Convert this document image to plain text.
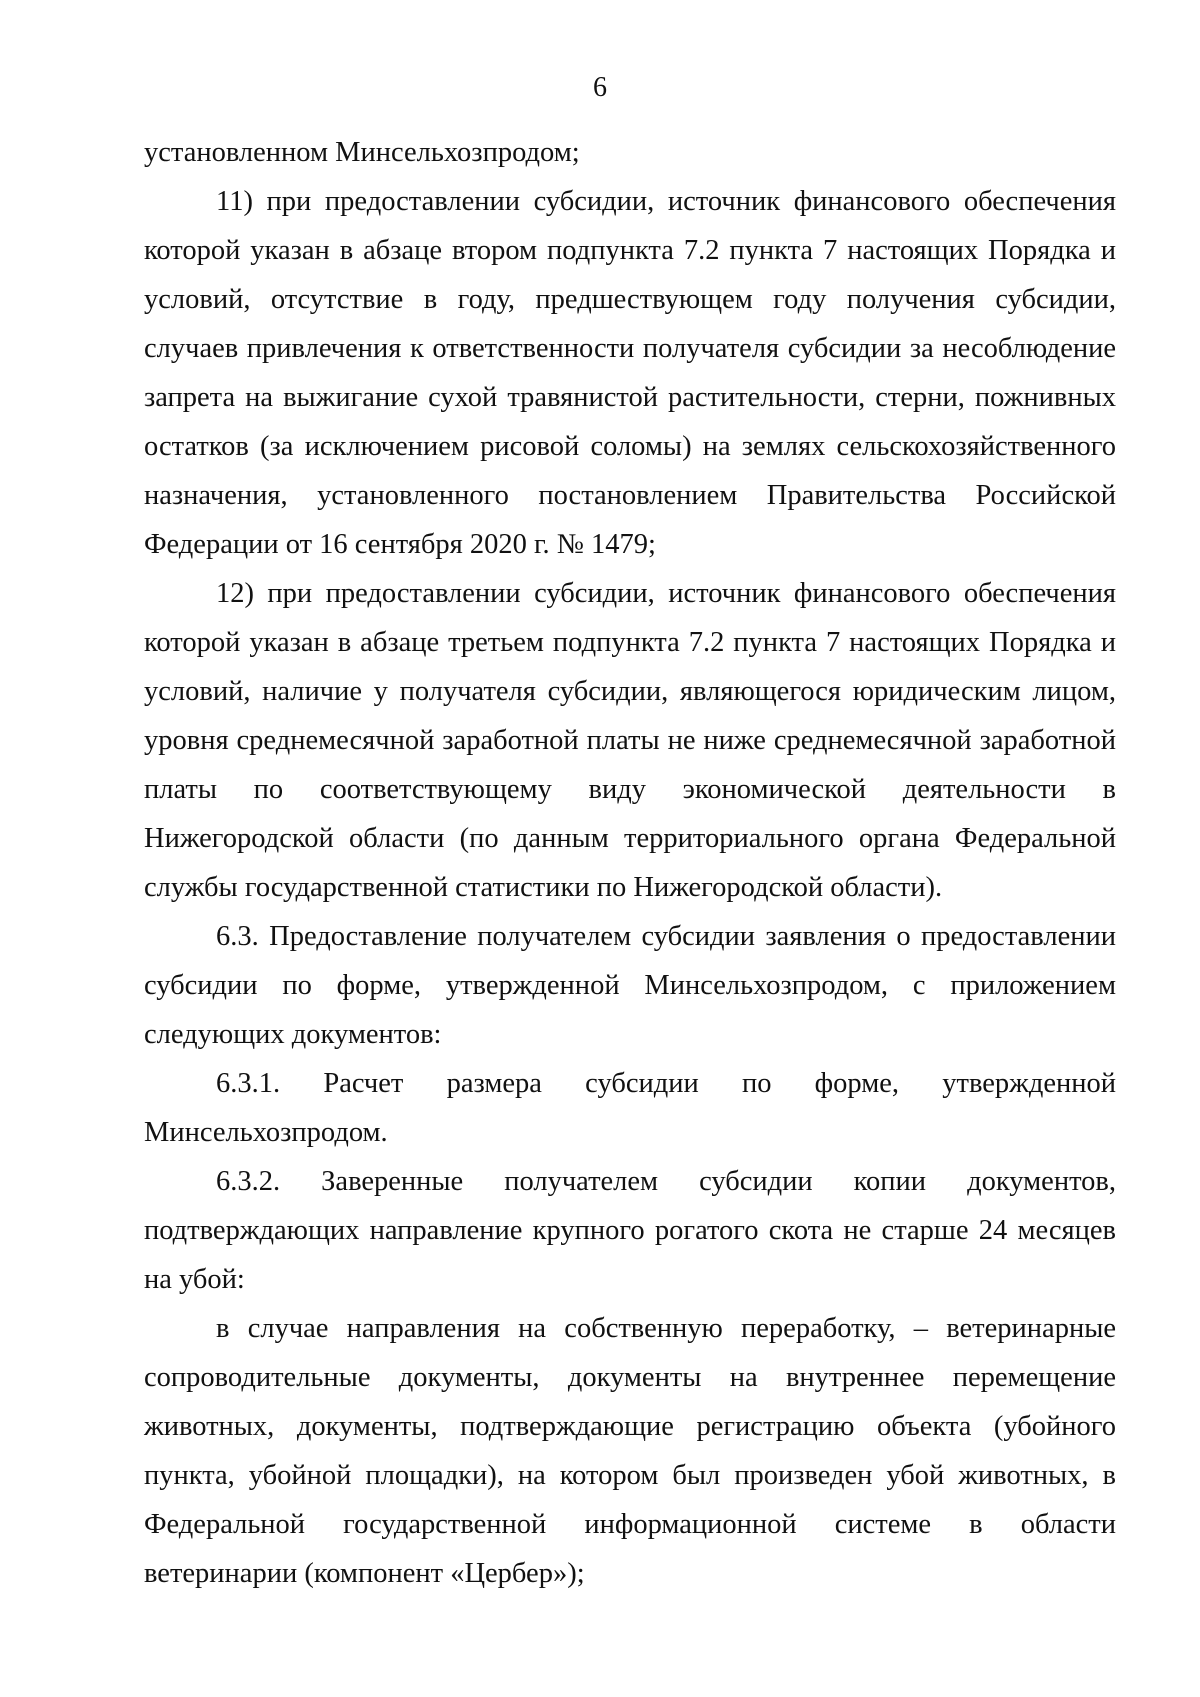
6

установленном Минсельхозпродом;

11) при предоставлении субсидии, источник финансового обеспечения которой указан в абзаце втором подпункта 7.2 пункта 7 настоящих Порядка и условий, отсутствие в году, предшествующем году получения субсидии, случаев привлечения к ответственности получателя субсидии за несоблюдение запрета на выжигание сухой травянистой растительности, стерни, пожнивных остатков (за исключением рисовой соломы) на землях сельскохозяйственного назначения, установленного постановлением Правительства Российской Федерации от 16 сентября 2020 г. № 1479;

12) при предоставлении субсидии, источник финансового обеспечения которой указан в абзаце третьем подпункта 7.2 пункта 7 настоящих Порядка и условий, наличие у получателя субсидии, являющегося юридическим лицом, уровня среднемесячной заработной платы не ниже среднемесячной заработной платы по соответствующему виду экономической деятельности в Нижегородской области (по данным территориального органа Федеральной службы государственной статистики по Нижегородской области).

6.3. Предоставление получателем субсидии заявления о предоставлении субсидии по форме, утвержденной Минсельхозпродом, с приложением следующих документов:

6.3.1. Расчет размера субсидии по форме, утвержденной Минсельхозпродом.

6.3.2. Заверенные получателем субсидии копии документов, подтверждающих направление крупного рогатого скота не старше 24 месяцев на убой:

в случае направления на собственную переработку, – ветеринарные сопроводительные документы, документы на внутреннее перемещение животных, документы, подтверждающие регистрацию объекта (убойного пункта, убойной площадки), на котором был произведен убой животных, в Федеральной государственной информационной системе в области ветеринарии (компонент «Цербер»);
